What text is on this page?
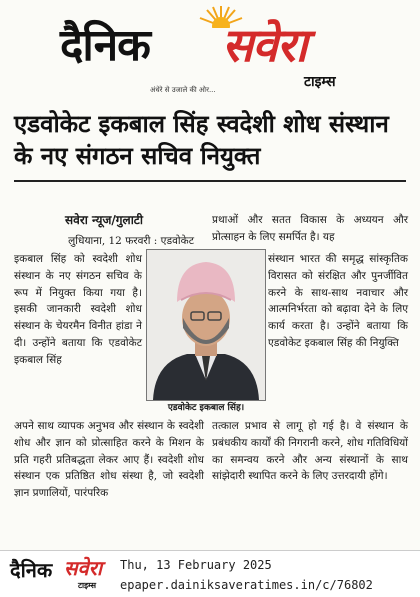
दैनिक सवेरा
टाइम्स
अंधेरे से उजाले की ओर...
एडवोकेट इकबाल सिंह स्वदेशी शोध संस्थान के नए संगठन सचिव नियुक्त

सवेरा न्यूज/गुलाटी

लुधियाना, 12 फरवरी : एडवोकेट

इकबाल सिंह को स्वदेशी शोध संस्थान के नए संगठन सचिव के रूप में नियुक्त किया गया है। इसकी जानकारी स्वदेशी शोध संस्थान के चेयरमैन विनीत हांडा ने दी। उन्होंने बताया कि एडवोकेट इकबाल सिंह
अपने साथ व्यापक अनुभव और संस्थान के स्वदेशी शोध और ज्ञान को प्रोत्साहित करने के मिशन के प्रति गहरी प्रतिबद्धता लेकर आए हैं। स्वदेशी शोध संस्थान एक प्रतिष्ठित शोध संस्था है, जो स्वदेशी ज्ञान प्रणालियों, पारंपरिक
प्रथाओं और सतत विकास के अध्ययन और प्रोत्साहन के लिए समर्पित है। यह
संस्थान भारत की समृद्ध सांस्कृतिक विरासत को संरक्षित और पुनर्जीवित करने के साथ-साथ नवाचार और आत्मनिर्भरता को बढ़ावा देने के लिए कार्य करता है। उन्होंने बताया कि एडवोकेट इकबाल सिंह की नियुक्ति
तत्काल प्रभाव से लागू हो गई है। वे संस्थान के प्रबंधकीय कार्यों की निगरानी करने, शोध गतिविधियों का समन्वय करने और अन्य संस्थानों के साथ सांझेदारी स्थापित करने के लिए उत्तरदायी होंगे।
एडवोकेट इकबाल सिंह।
दैनिक सवेरा
टाइम्स
Thu, 13 February 2025
epaper.dainiksaveratimes.in/c/76802
